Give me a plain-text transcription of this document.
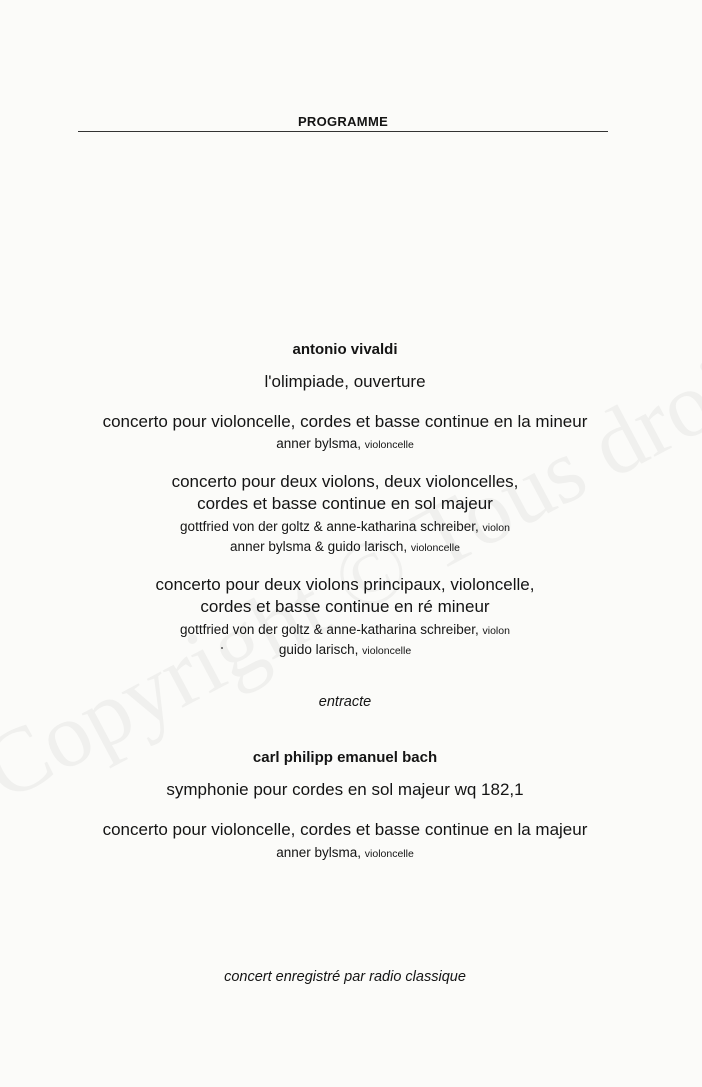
PROGRAMME
antonio vivaldi
l'olimpiade, ouverture
concerto pour violoncelle, cordes et basse continue en la mineur
anner bylsma, violoncelle
concerto pour deux violons, deux violoncelles,
cordes et basse continue en sol majeur
gottfried von der goltz & anne-katharina schreiber, violon
anner bylsma & guido larisch, violoncelle
concerto pour deux violons principaux, violoncelle,
cordes et basse continue en ré mineur
gottfried von der goltz & anne-katharina schreiber, violon
guido larisch, violoncelle
entracte
carl philipp emanuel bach
symphonie pour cordes en sol majeur wq 182,1
concerto pour violoncelle, cordes et basse continue en la majeur
anner bylsma, violoncelle
concert enregistré par radio classique
